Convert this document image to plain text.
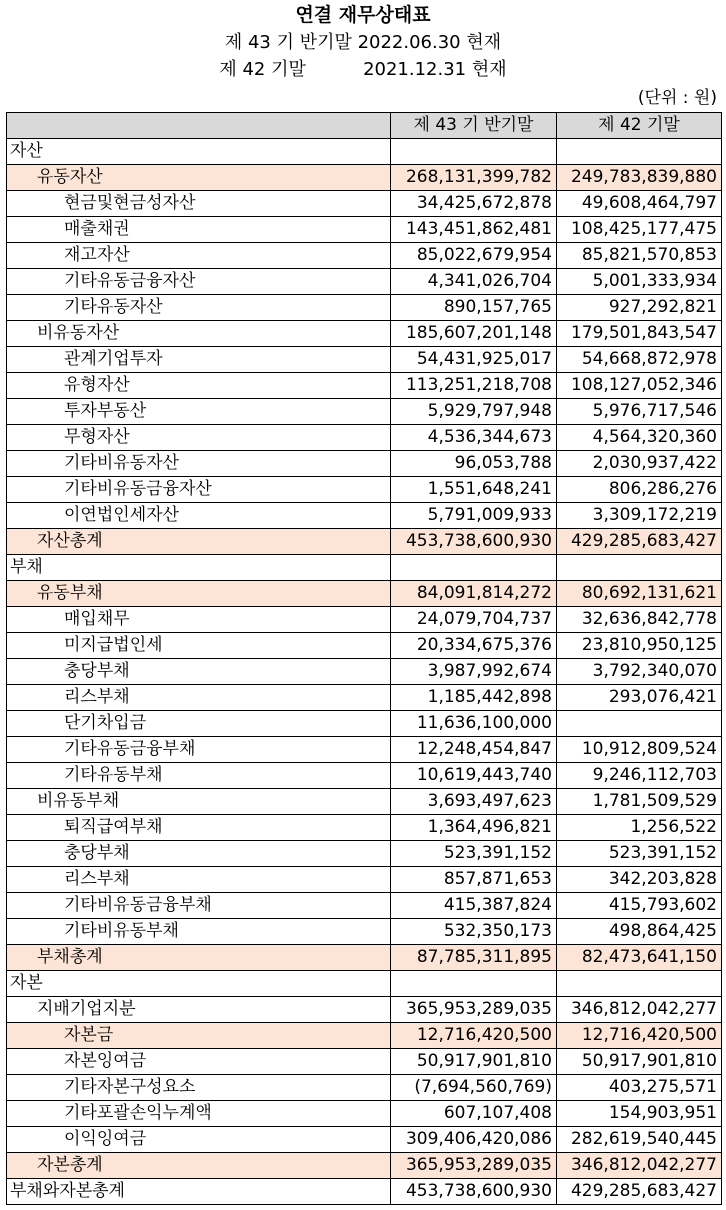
연결 재무상태표
제 43 기 반기말 2022.06.30 현재
제 42 기말          2021.12.31 현재
(단위 : 원)
	제 43 기 반기말	제 42 기말
자산		
유동자산	268,131,399,782	249,783,839,880
현금및현금성자산	34,425,672,878	49,608,464,797
매출채권	143,451,862,481	108,425,177,475
재고자산	85,022,679,954	85,821,570,853
기타유동금융자산	4,341,026,704	5,001,333,934
기타유동자산	890,157,765	927,292,821
비유동자산	185,607,201,148	179,501,843,547
관계기업투자	54,431,925,017	54,668,872,978
유형자산	113,251,218,708	108,127,052,346
투자부동산	5,929,797,948	5,976,717,546
무형자산	4,536,344,673	4,564,320,360
기타비유동자산	96,053,788	2,030,937,422
기타비유동금융자산	1,551,648,241	806,286,276
이연법인세자산	5,791,009,933	3,309,172,219
자산총계	453,738,600,930	429,285,683,427
부채		
유동부채	84,091,814,272	80,692,131,621
매입채무	24,079,704,737	32,636,842,778
미지급법인세	20,334,675,376	23,810,950,125
충당부채	3,987,992,674	3,792,340,070
리스부채	1,185,442,898	293,076,421
단기차입금	11,636,100,000	
기타유동금융부채	12,248,454,847	10,912,809,524
기타유동부채	10,619,443,740	9,246,112,703
비유동부채	3,693,497,623	1,781,509,529
퇴직급여부채	1,364,496,821	1,256,522
충당부채	523,391,152	523,391,152
리스부채	857,871,653	342,203,828
기타비유동금융부채	415,387,824	415,793,602
기타비유동부채	532,350,173	498,864,425
부채총계	87,785,311,895	82,473,641,150
자본		
지배기업지분	365,953,289,035	346,812,042,277
자본금	12,716,420,500	12,716,420,500
자본잉여금	50,917,901,810	50,917,901,810
기타자본구성요소	(7,694,560,769)	403,275,571
기타포괄손익누계액	607,107,408	154,903,951
이익잉여금	309,406,420,086	282,619,540,445
자본총계	365,953,289,035	346,812,042,277
부채와자본총계	453,738,600,930	429,285,683,427
